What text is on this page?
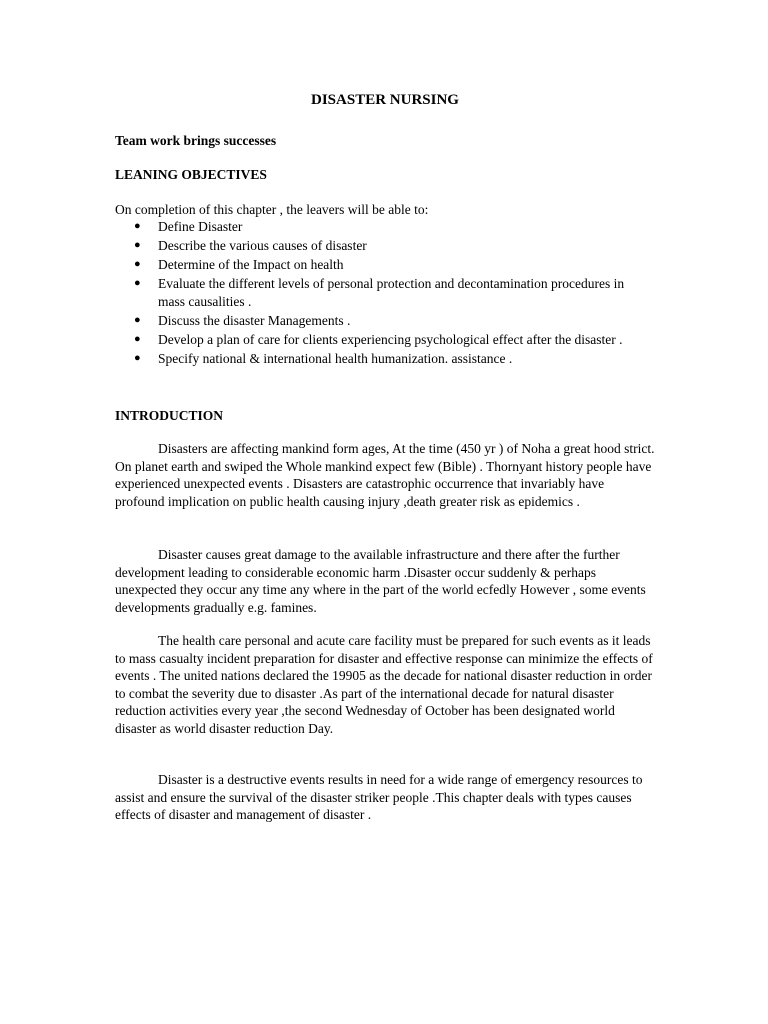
DISASTER NURSING

Team work brings successes

LEANING OBJECTIVES

On completion of this chapter , the leavers will be able to:

● Define Disaster
● Describe the various causes of disaster
● Determine of the Impact on health
● Evaluate the different levels of personal protection and decontamination procedures in mass causalities .
● Discuss the disaster Managements .
● Develop a plan of care for clients experiencing psychological effect after the disaster .
● Specify national & international health humanization. assistance .

INTRODUCTION

Disasters are affecting mankind form ages, At the time (450 yr ) of Noha a great hood strict. On planet earth and swiped the Whole mankind expect few (Bible) . Thornyant history people have experienced unexpected events . Disasters are catastrophic occurrence that invariably have profound implication on public health causing injury ,death greater risk as epidemics .

Disaster causes great damage to the available infrastructure and there after the further development leading to considerable economic harm .Disaster occur suddenly & perhaps unexpected they occur any time any where in the part of the world ecfedly However , some events developments gradually e.g. famines.

The health care personal and acute care facility must be prepared for such events as it leads to mass casualty incident preparation for disaster and effective response can minimize the effects of events . The united nations declared the 19905 as the decade for national disaster reduction in order to combat the severity due to disaster .As part of the international decade for natural disaster reduction activities every year ,the second Wednesday of October has been designated world disaster as world disaster reduction Day.

Disaster is a destructive events results in need for a wide range of emergency resources to assist and ensure the survival of the disaster striker people .This chapter deals with types causes effects of disaster and management of disaster .
